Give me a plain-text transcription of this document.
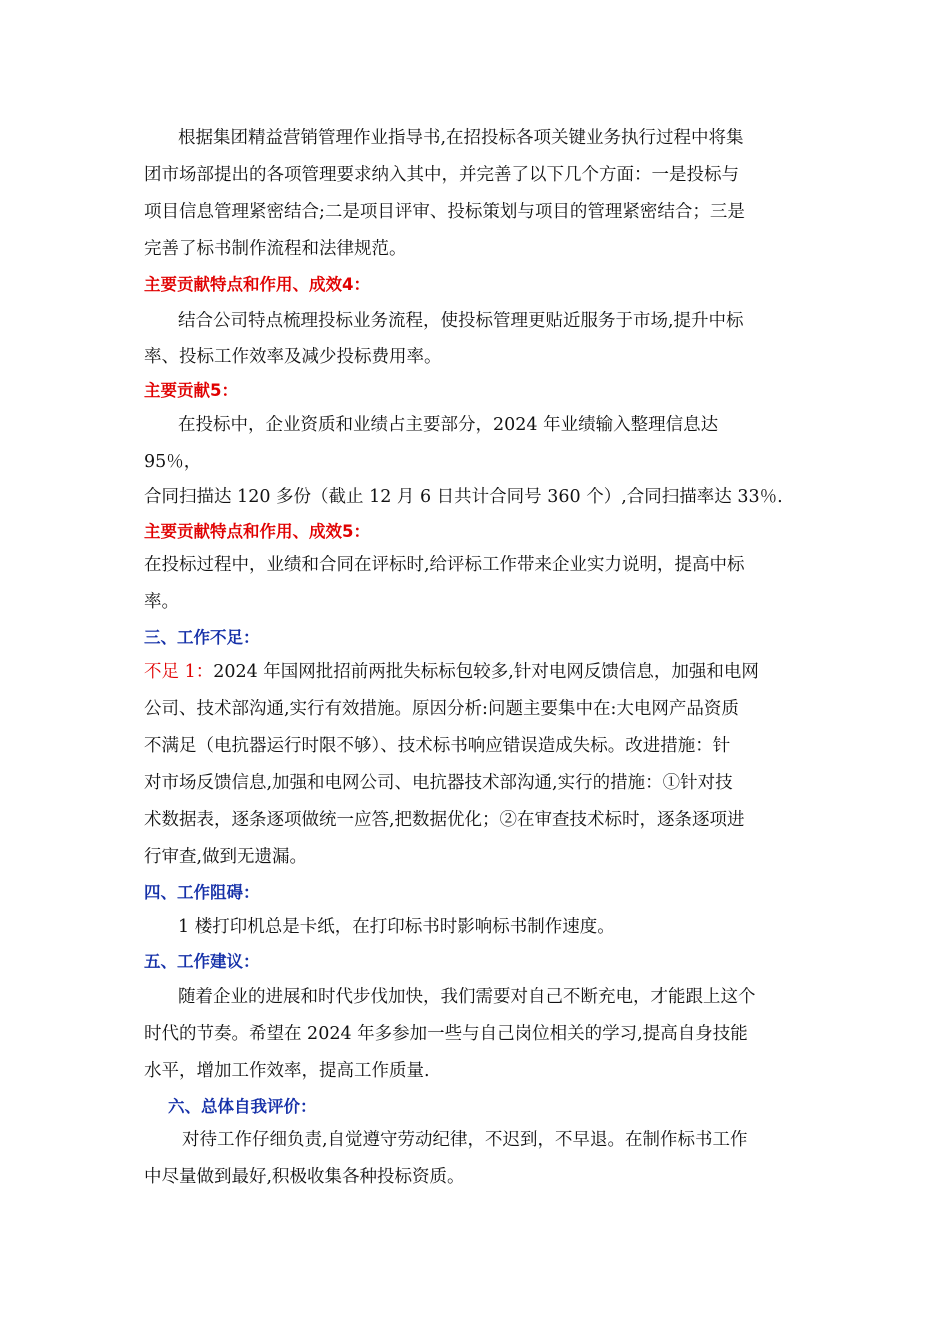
根据集团精益营销管理作业指导书,在招投标各项关键业务执行过程中将集

团市场部提出的各项管理要求纳入其中，并完善了以下几个方面：一是投标与

项目信息管理紧密结合;二是项目评审、投标策划与项目的管理紧密结合；三是

完善了标书制作流程和法律规范。

主要贡献特点和作用、成效4：

结合公司特点梳理投标业务流程，使投标管理更贴近服务于市场,提升中标

率、投标工作效率及减少投标费用率。

主要贡献5：

在投标中，企业资质和业绩占主要部分，2024 年业绩输入整理信息达

95％，

合同扫描达 120 多份（截止 12 月 6 日共计合同号 360 个）,合同扫描率达 33％.

主要贡献特点和作用、成效5：

在投标过程中，业绩和合同在评标时,给评标工作带来企业实力说明，提高中标

率。

三、工作不足：

不足 1：2024 年国网批招前两批失标标包较多,针对电网反馈信息，加强和电网

公司、技术部沟通,实行有效措施。原因分析:问题主要集中在:大电网产品资质

不满足（电抗器运行时限不够）、技术标书响应错误造成失标。改进措施：针

对市场反馈信息,加强和电网公司、电抗器技术部沟通,实行的措施：①针对技

术数据表，逐条逐项做统一应答,把数据优化；②在审查技术标时，逐条逐项进

行审查,做到无遗漏。

四、工作阻碍：

1 楼打印机总是卡纸，在打印标书时影响标书制作速度。

五、工作建议：

随着企业的进展和时代步伐加快，我们需要对自己不断充电，才能跟上这个

时代的节奏。希望在 2024 年多参加一些与自己岗位相关的学习,提高自身技能

水平，增加工作效率，提高工作质量.

六、总体自我评价：

对待工作仔细负责,自觉遵守劳动纪律，不迟到，不早退。在制作标书工作

中尽量做到最好,积极收集各种投标资质。
